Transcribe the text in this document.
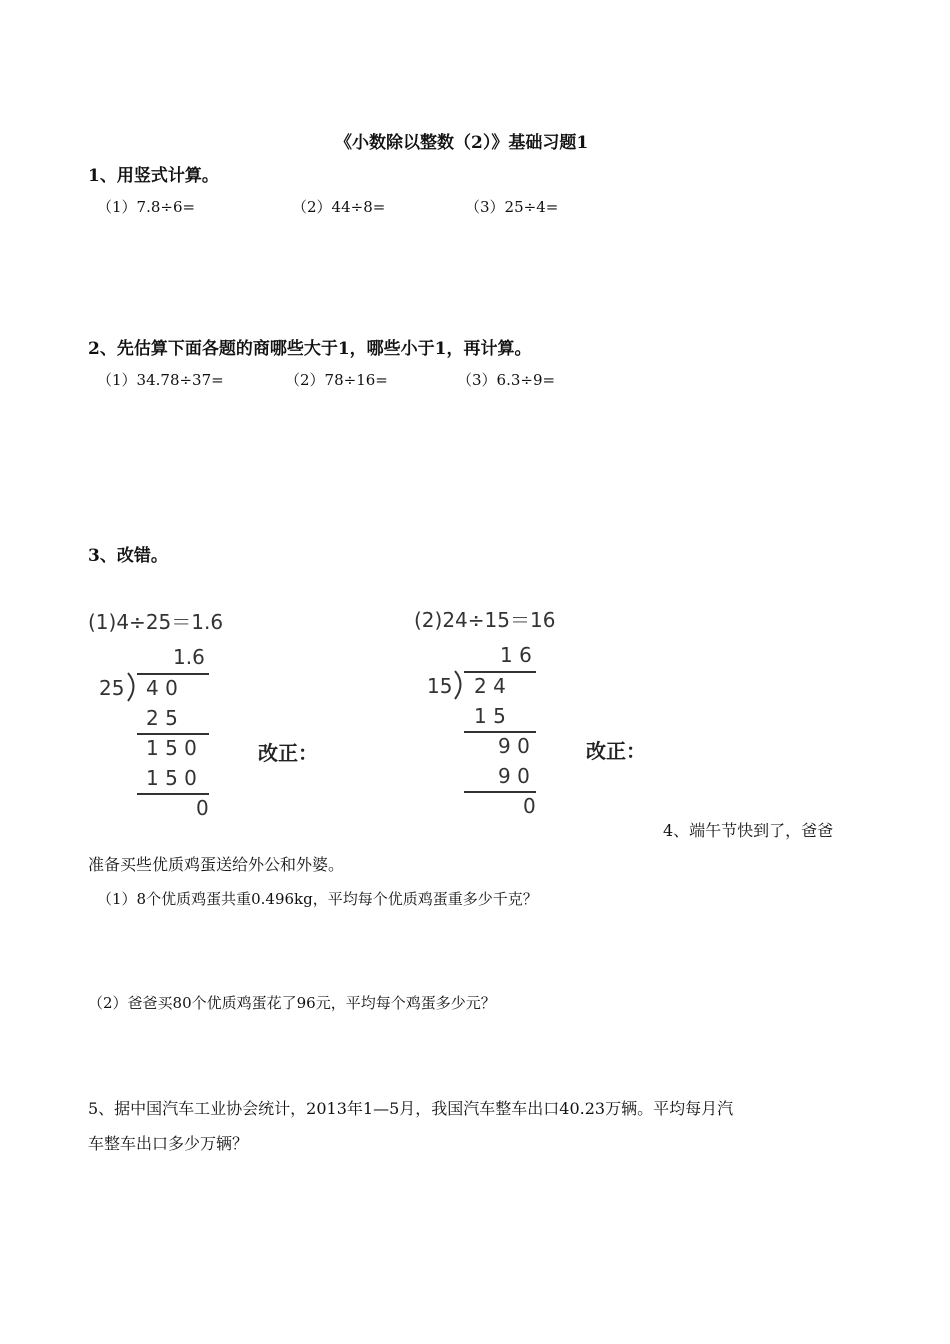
《小数除以整数（2）》基础习题1
1、用竖式计算。
（1）7.8÷6=	（2）44÷8=	（3）25÷4=
2、先估算下面各题的商哪些大于1，哪些小于1，再计算。
（1）34.78÷37=	（2）78÷16=	（3）6.3÷9=
3、改错。
(1)4÷25＝1.6
1.6
25 4 0
2 5
1 5 0
1 5 0
0
改正：
(2)24÷15＝16
1 6
15 2 4
1 5
9 0
9 0
0
改正：
4、端午节快到了，爸爸
准备买些优质鸡蛋送给外公和外婆。
（1）8个优质鸡蛋共重0.496kg，平均每个优质鸡蛋重多少千克？
（2）爸爸买80个优质鸡蛋花了96元，平均每个鸡蛋多少元？
5、据中国汽车工业协会统计，2013年1—5月，我国汽车整车出口40.23万辆。平均每月汽
车整车出口多少万辆？
